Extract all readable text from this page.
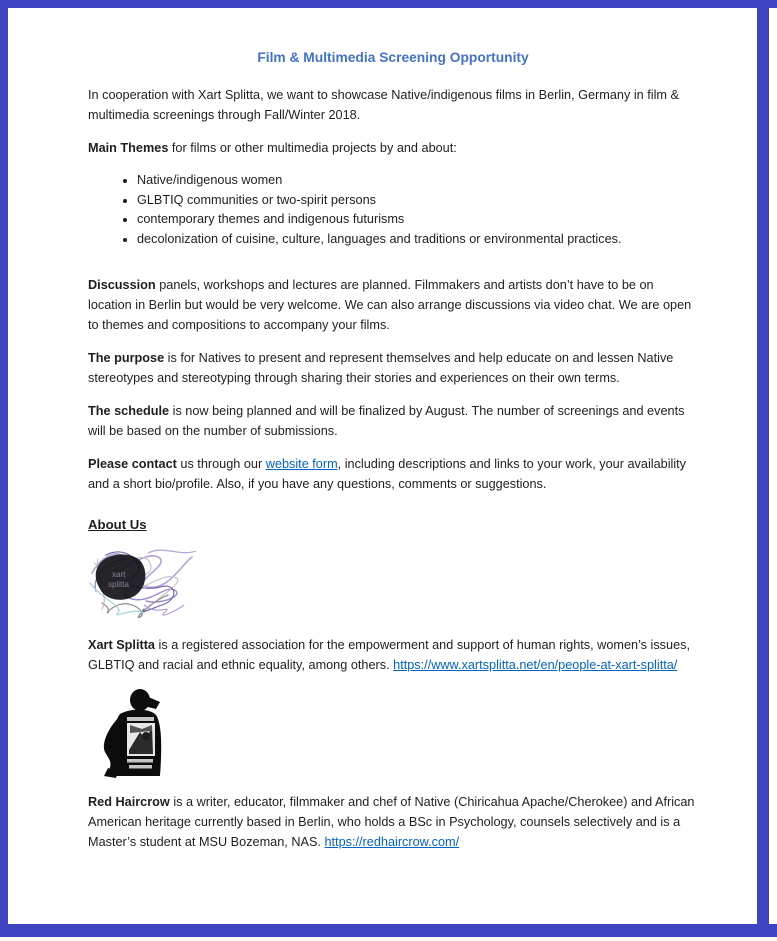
Film & Multimedia Screening Opportunity

In cooperation with Xart Splitta, we want to showcase Native/indigenous films in Berlin, Germany in film & multimedia screenings through Fall/Winter 2018.

Main Themes for films or other multimedia projects by and about:

• Native/indigenous women
• GLBTIQ communities or two-spirit persons
• contemporary themes and indigenous futurisms
• decolonization of cuisine, culture, languages and traditions or environmental practices.

Discussion panels, workshops and lectures are planned. Filmmakers and artists don’t have to be on location in Berlin but would be very welcome. We can also arrange discussions via video chat. We are open to themes and compositions to accompany your films.

The purpose is for Natives to present and represent themselves and help educate on and lessen Native stereotypes and stereotyping through sharing their stories and experiences on their own terms.

The schedule is now being planned and will be finalized by August. The number of screenings and events will be based on the number of submissions.

Please contact us through our website form, including descriptions and links to your work, your availability and a short bio/profile. Also, if you have any questions, comments or suggestions.

About Us
xart
splitta

Xart Splitta is a registered association for the empowerment and support of human rights, women’s issues, GLBTIQ and racial and ethnic equality, among others. https://www.xartsplitta.net/en/people-at-xart-splitta/

Red Haircrow is a writer, educator, filmmaker and chef of Native (Chiricahua Apache/Cherokee) and African American heritage currently based in Berlin, who holds a BSc in Psychology, counsels selectively and is a Master’s student at MSU Bozeman, NAS. https://redhaircrow.com/
